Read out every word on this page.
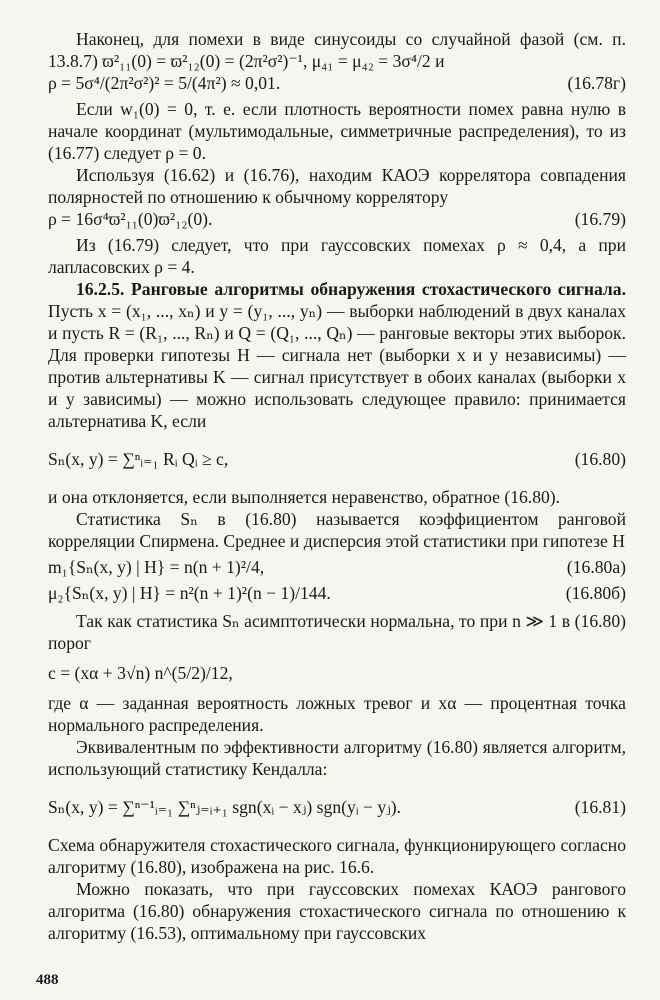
Наконец, для помехи в виде синусоиды со случайной фазой (см. п. 13.8.7) ϖ²₁₁(0) = ϖ²₁₂(0) = (2π²σ²)⁻¹, μ₄₁ = μ₄₂ = 3σ⁴/2 и

ρ = 5σ⁴/(2π²σ²)² = 5/(4π²) ≈ 0,01.	(16.78г)

Если w₁(0) = 0, т. е. если плотность вероятности помех равна нулю в начале координат (мультимодальные, симметричные распределения), то из (16.77) следует ρ = 0.

Используя (16.62) и (16.76), находим КАОЭ коррелятора совпадения полярностей по отношению к обычному коррелятору

ρ = 16σ⁴ϖ²₁₁(0)ϖ²₁₂(0).	(16.79)

Из (16.79) следует, что при гауссовских помехах ρ ≈ 0,4, а при лапласовских ρ = 4.

16.2.5. Ранговые алгоритмы обнаружения стохастического сигнала. Пусть x = (x₁, ..., xₙ) и y = (y₁, ..., yₙ) — выборки наблюдений в двух каналах и пусть R = (R₁, ..., Rₙ) и Q = (Q₁, ..., Qₙ) — ранговые векторы этих выборок. Для проверки гипотезы H — сигнала нет (выборки x и y независимы) — против альтернативы K — сигнал присутствует в обоих каналах (выборки x и y зависимы) — можно использовать следующее правило: принимается альтернатива K, если

Sₙ(x, y) = ∑ⁿᵢ₌₁ Rᵢ Qᵢ ≥ c,	(16.80)

и она отклоняется, если выполняется неравенство, обратное (16.80).

Статистика Sₙ в (16.80) называется коэффициентом ранговой корреляции Спирмена. Среднее и дисперсия этой статистики при гипотезе H

m₁{Sₙ(x, y) | H} = n(n + 1)²/4,	(16.80а)
μ₂{Sₙ(x, y) | H} = n²(n + 1)²(n − 1)/144.	(16.80б)

Так как статистика Sₙ асимптотически нормальна, то при n ≫ 1 в (16.80) порог

c = (xα + 3√n) n^(5/2)/12,

где α — заданная вероятность ложных тревог и xα — процентная точка нормального распределения.

Эквивалентным по эффективности алгоритму (16.80) является алгоритм, использующий статистику Кендалла:

Sₙ(x, y) = ∑ⁿ⁻¹ᵢ₌₁ ∑ⁿⱼ₌ᵢ₊₁ sgn(xᵢ − xⱼ) sgn(yᵢ − yⱼ).	(16.81)

Схема обнаружителя стохастического сигнала, функционирующего согласно алгоритму (16.80), изображена на рис. 16.6.

Можно показать, что при гауссовских помехах КАОЭ рангового алгоритма (16.80) обнаружения стохастического сигнала по отношению к алгоритму (16.53), оптимальному при гауссовских

488
